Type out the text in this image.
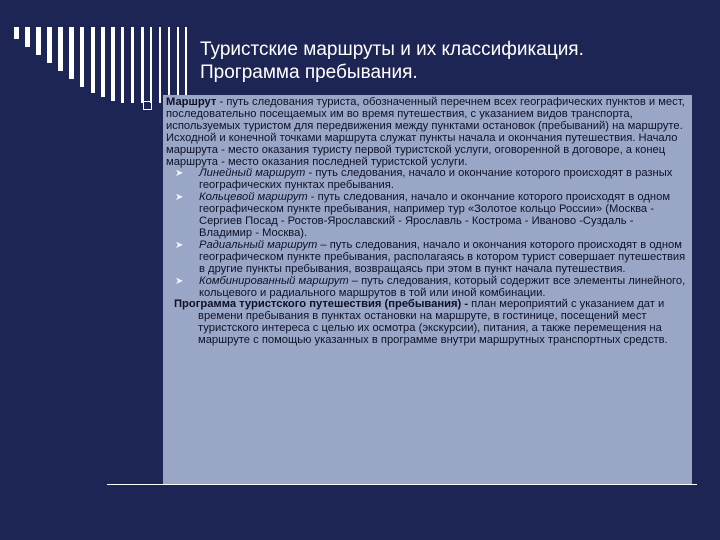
Туристские маршруты и их классификация.
Программа пребывания.

Маршрут - путь следования туриста, обозначенный перечнем всех географических пунктов и мест, последовательно посещаемых им во время путешествия, с указанием видов транспорта, используемых туристом для передвижения между пунктами остановок (пребываний) на маршруте. Исходной и конечной точками маршрута служат пункты начала и окончания путешествия. Начало маршрута - место оказания туристу первой туристской услуги, оговоренной в договоре, а конец маршрута - место оказания последней туристской услуги.

➤ Линейный маршрут - путь следования, начало и окончание которого происходят в разных географических пунктах пребывания.

➤ Кольцевой маршрут - путь следования, начало и окончание которого происходят в одном географическом пункте пребывания, например тур «Золотое кольцо России» (Москва - Сергиев Посад - Ростов-Ярославский - Ярославль - Кострома - Иваново -Суздаль - Владимир - Москва).

➤ Радиальный маршрут – путь следования, начало и окончания которого происходят в одном географическом пункте пребывания, располагаясь в котором турист совершает путешествия в другие пункты пребывания, возвращаясь при этом в пункт начала путешествия.

➤ Комбинированный маршрут – путь следования, который содержит все элементы линейного, кольцевого и радиального маршрутов в той или иной комбинации.

Программа туристского путешествия (пребывания) - план мероприятий с указанием дат и времени пребывания в пунктах остановки на маршруте, в гостинице, посещений мест туристского интереса с целью их осмотра (экскурсии), питания, а также перемещения на маршруте с помощью указанных в программе внутри маршрутных транспортных средств.
